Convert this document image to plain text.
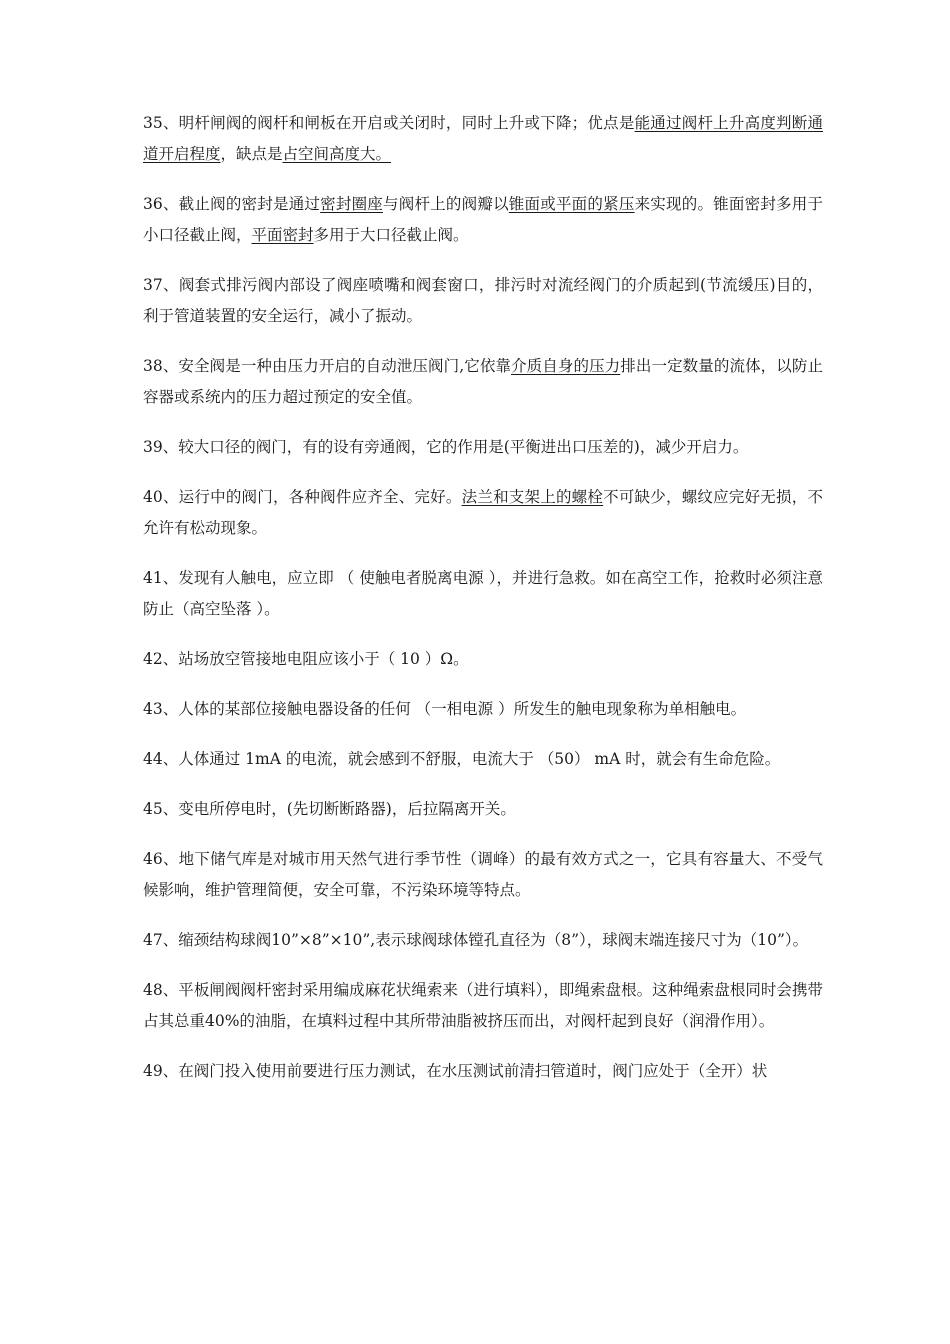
35、明杆闸阀的阀杆和闸板在开启或关闭时，同时上升或下降；优点是能通过阀杆上升高度判断通道开启程度，缺点是占空间高度大。

36、截止阀的密封是通过密封圈座与阀杆上的阀瓣以锥面或平面的紧压来实现的。锥面密封多用于小口径截止阀，平面密封多用于大口径截止阀。

37、阀套式排污阀内部设了阀座喷嘴和阀套窗口，排污时对流经阀门的介质起到(节流缓压)目的，利于管道装置的安全运行，减小了振动。

38、安全阀是一种由压力开启的自动泄压阀门,它依靠介质自身的压力排出一定数量的流体，以防止容器或系统内的压力超过预定的安全值。

39、较大口径的阀门，有的设有旁通阀，它的作用是(平衡进出口压差的)，减少开启力。

40、运行中的阀门，各种阀件应齐全、完好。法兰和支架上的螺栓不可缺少，螺纹应完好无损，不允许有松动现象。

41、发现有人触电，应立即 （ 使触电者脱离电源 ），并进行急救。如在高空工作，抢救时必须注意防止（高空坠落 ）。

42、站场放空管接地电阻应该小于（ 10 ）Ω。

43、人体的某部位接触电器设备的任何 （一相电源 ）所发生的触电现象称为单相触电。

44、人体通过 1mA 的电流，就会感到不舒服，电流大于 （50） mA 时，就会有生命危险。

45、变电所停电时，(先切断断路器)，后拉隔离开关。

46、地下储气库是对城市用天然气进行季节性（调峰）的最有效方式之一，它具有容量大、不受气候影响，维护管理简便，安全可靠，不污染环境等特点。

47、缩颈结构球阀10”×8”×10”,表示球阀球体镗孔直径为（8”），球阀末端连接尺寸为（10”）。

48、平板闸阀阀杆密封采用编成麻花状绳索来（进行填料），即绳索盘根。这种绳索盘根同时会携带占其总重40%的油脂，在填料过程中其所带油脂被挤压而出，对阀杆起到良好（润滑作用）。

49、在阀门投入使用前要进行压力测试，在水压测试前清扫管道时，阀门应处于（全开）状
